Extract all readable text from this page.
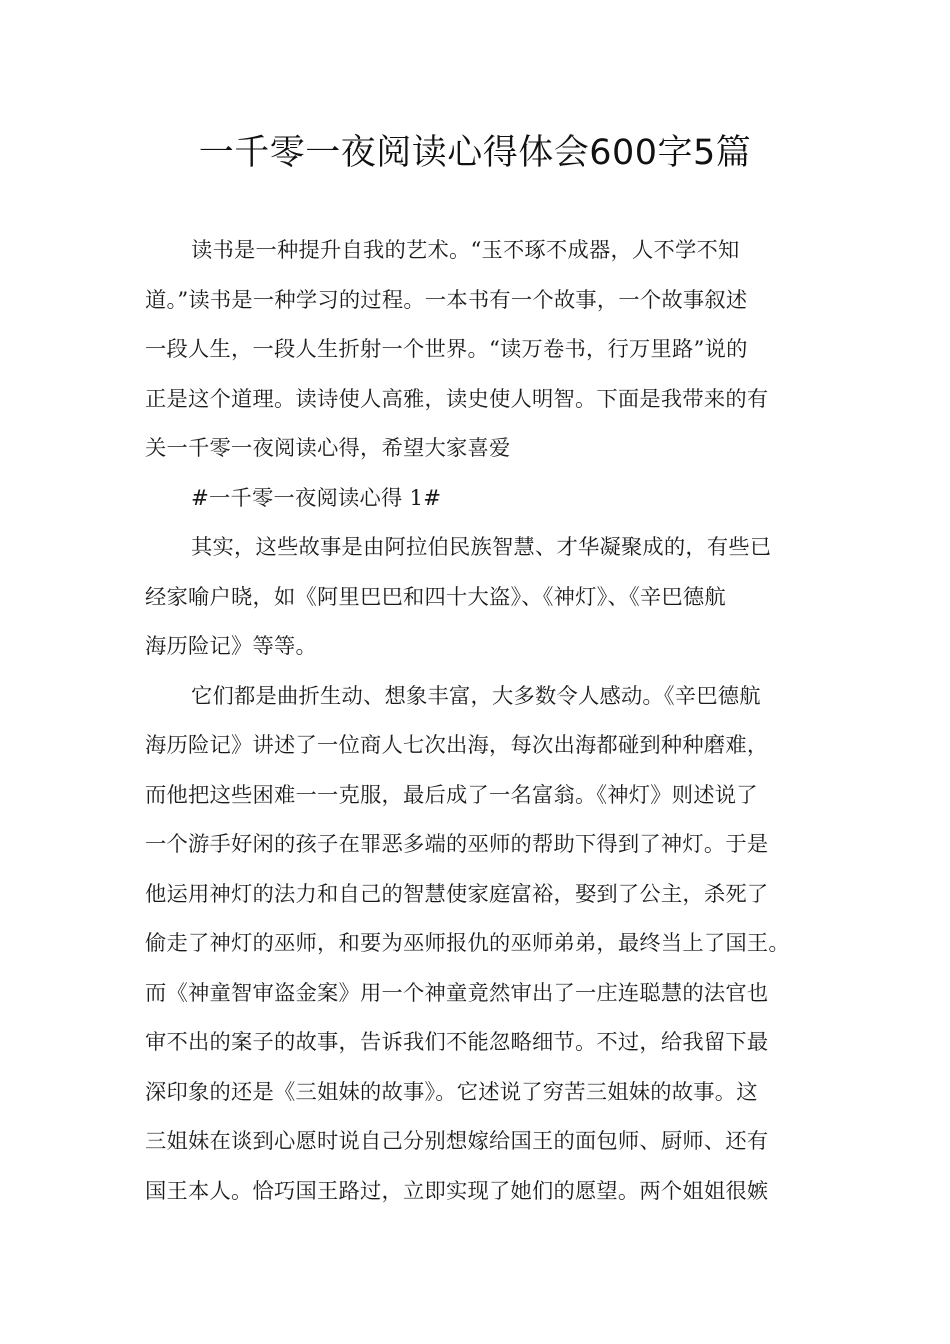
一千零一夜阅读心得体会600字5篇
读书是一种提升自我的艺术。“玉不琢不成器，人不学不知
道。”读书是一种学习的过程。一本书有一个故事，一个故事叙述
一段人生，一段人生折射一个世界。“读万卷书，行万里路”说的
正是这个道理。读诗使人高雅，读史使人明智。下面是我带来的有
关一千零一夜阅读心得，希望大家喜爱
#一千零一夜阅读心得 1#
其实，这些故事是由阿拉伯民族智慧、才华凝聚成的，有些已
经家喻户晓，如《阿里巴巴和四十大盗》、《神灯》、《辛巴德航
海历险记》等等。
它们都是曲折生动、想象丰富，大多数令人感动。《辛巴德航
海历险记》讲述了一位商人七次出海，每次出海都碰到种种磨难，
而他把这些困难一一克服，最后成了一名富翁。《神灯》则述说了
一个游手好闲的孩子在罪恶多端的巫师的帮助下得到了神灯。于是
他运用神灯的法力和自己的智慧使家庭富裕，娶到了公主，杀死了
偷走了神灯的巫师，和要为巫师报仇的巫师弟弟，最终当上了国王。
而《神童智审盗金案》用一个神童竟然审出了一庄连聪慧的法官也
审不出的案子的故事，告诉我们不能忽略细节。不过，给我留下最
深印象的还是《三姐妹的故事》。它述说了穷苦三姐妹的故事。这
三姐妹在谈到心愿时说自己分别想嫁给国王的面包师、厨师、还有
国王本人。恰巧国王路过，立即实现了她们的愿望。两个姐姐很嫉
